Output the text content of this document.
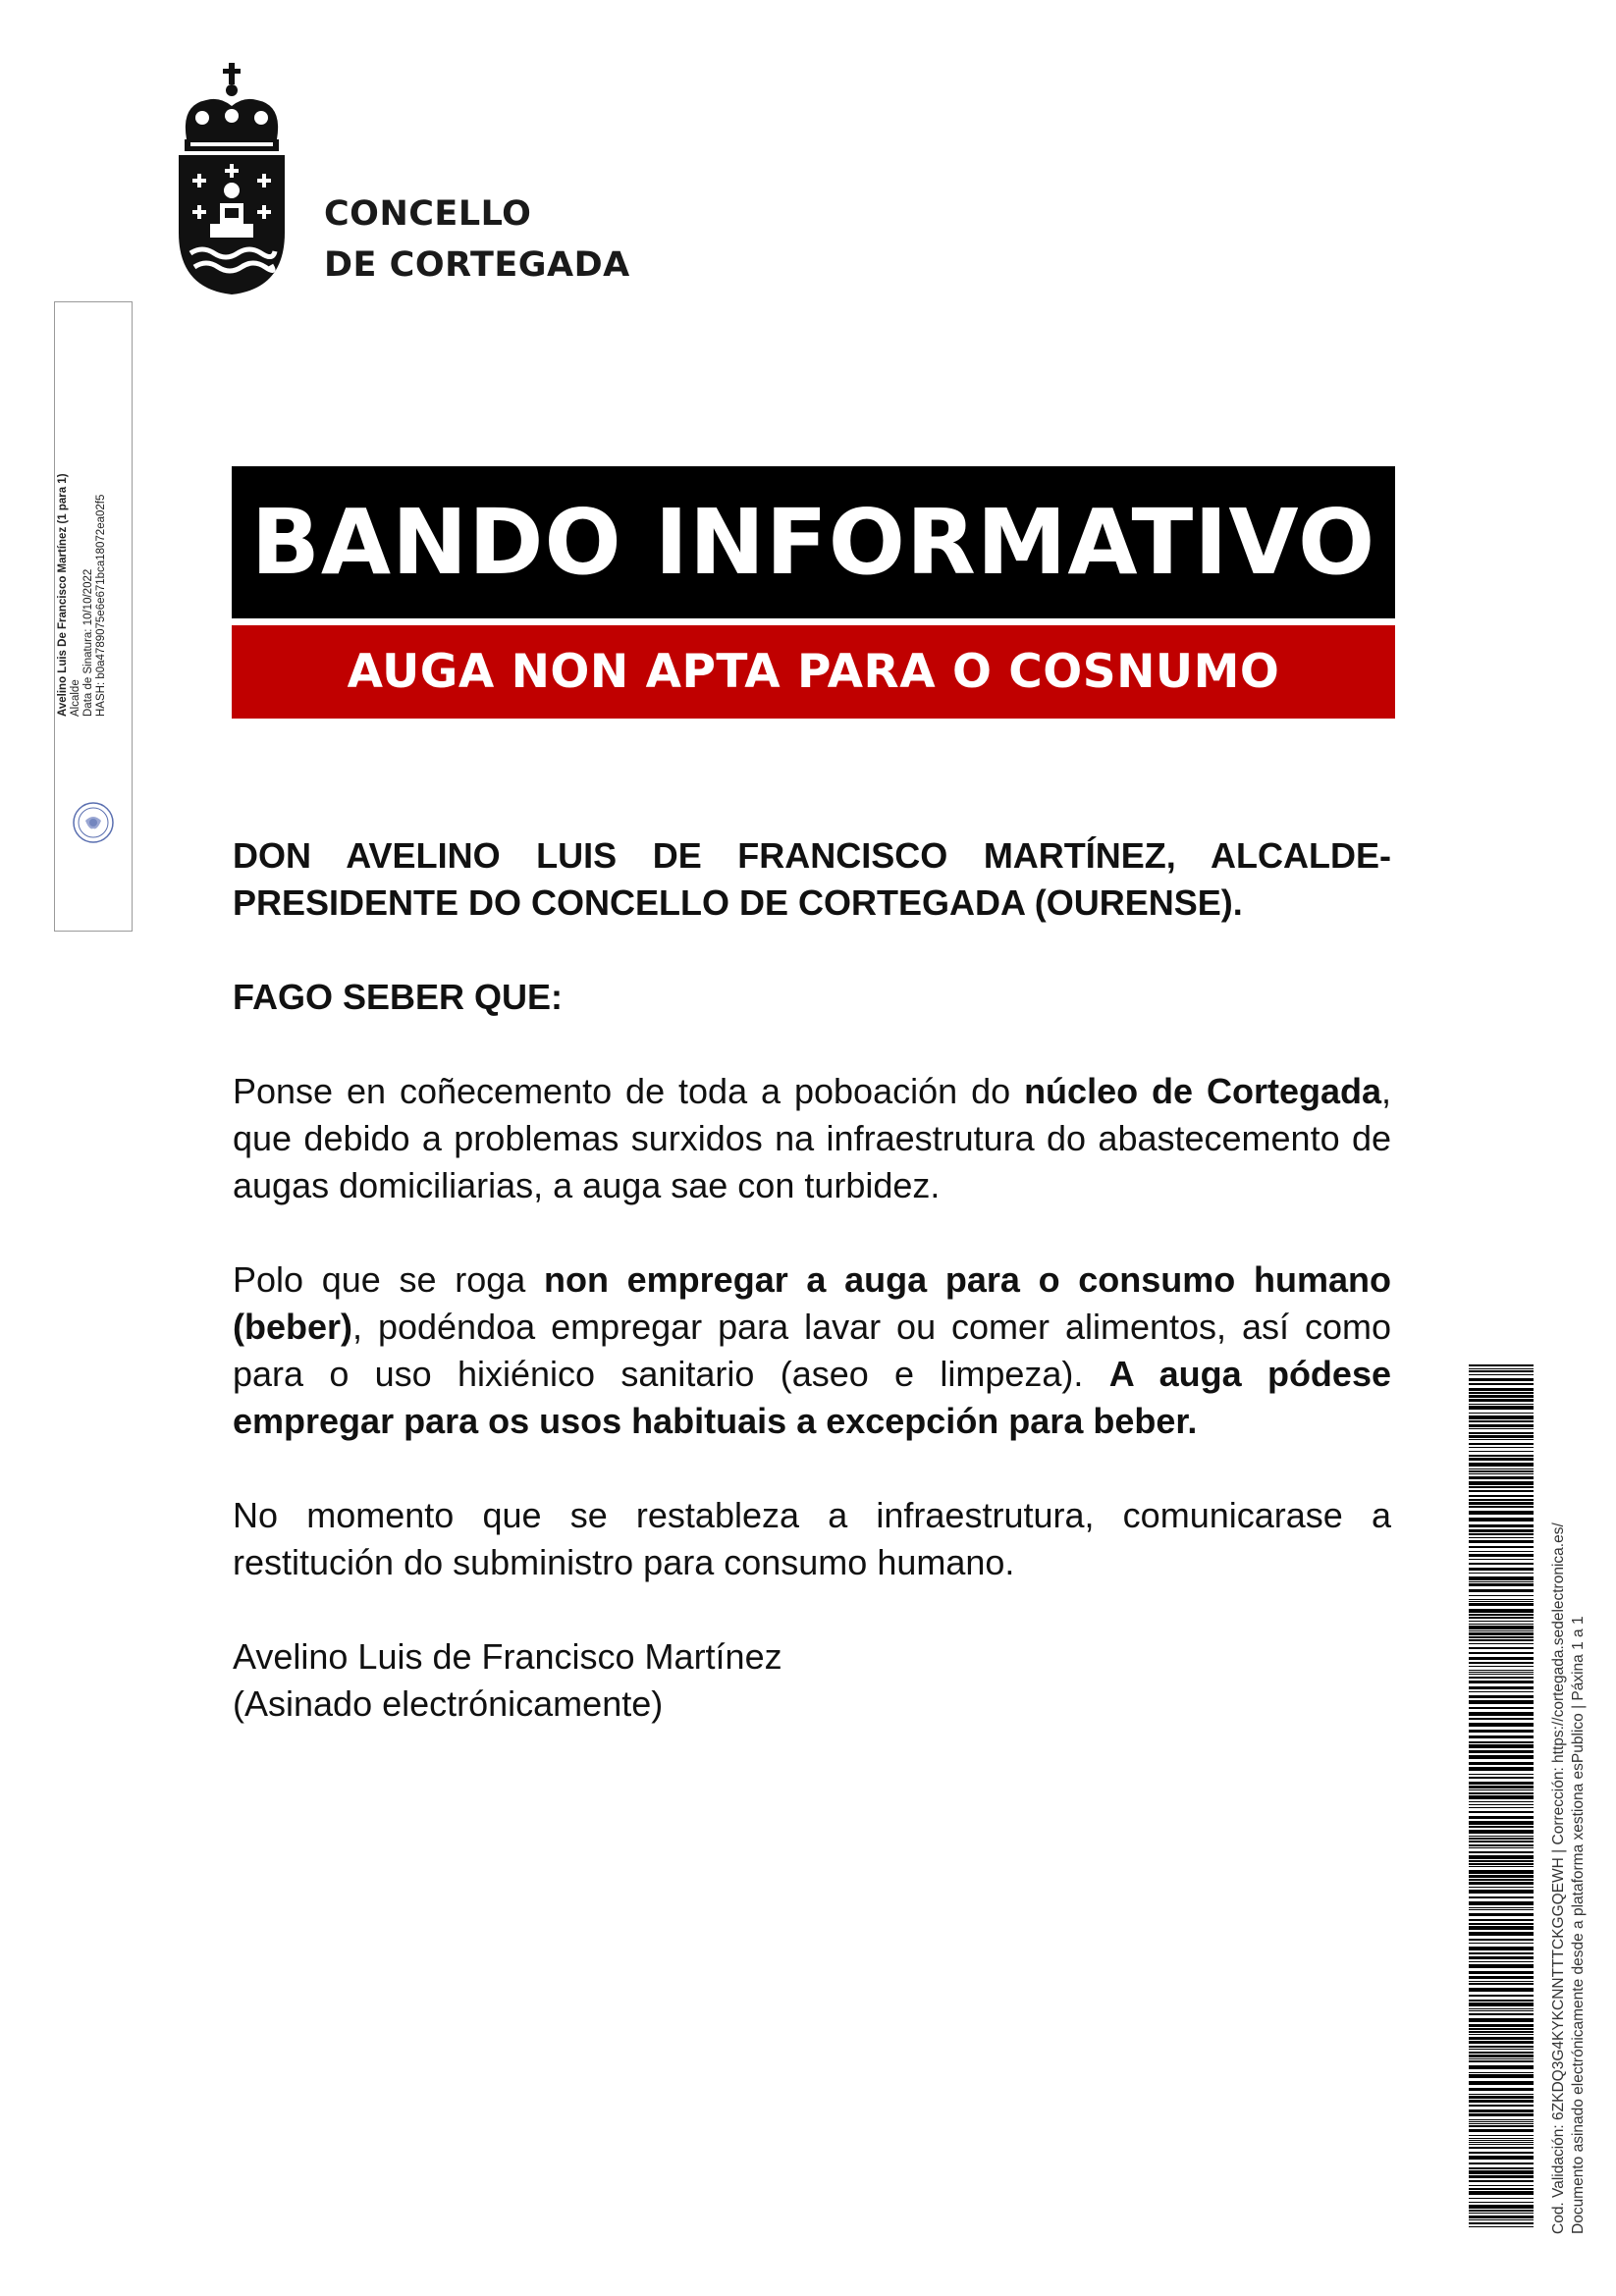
CONCELLO
DE CORTEGADA
Avelino Luis De Francisco Martínez (1 para 1) Alcalde Data de Sinatura: 10/10/2022 HASH: b0a4789075e6e671bca18072ea02f5 BANDO INFORMATIVO
AUGA NON APTA PARA O COSNUMO

DON AVELINO LUIS DE FRANCISCO MARTÍNEZ, ALCALDE-PRESIDENTE DO CONCELLO DE CORTEGADA (OURENSE).

FAGO SEBER QUE:

Ponse en coñecemento de toda a poboación do núcleo de Cortegada, que debido a problemas surxidos na infraestrutura do abastecemento de augas domiciliarias, a auga sae con turbidez.

Polo que se roga non empregar a auga para o consumo humano (beber), podéndoa empregar para lavar ou comer alimentos, así como para o uso hixiénico sanitario (aseo e limpeza). A auga pódese empregar para os usos habituais a excepción para beber.

No momento que se restableza a infraestrutura, comunicarase a restitución do subministro para consumo humano.

Avelino Luis de Francisco Martínez

(Asinado electrónicamente)	Cod. Validación: 6ZKDQ3G4KYKCNNTTTCKGGQEWH | Corrección: https://cortegada.sedelectronica.es/ Documento asinado electrónicamente desde a plataforma xestiona esPublico | Páxina 1 a 1
